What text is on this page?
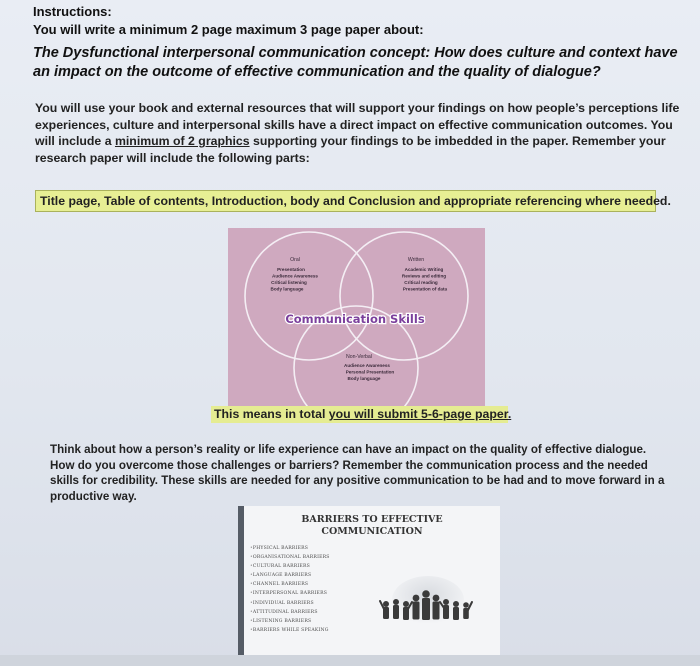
Instructions:
You will write a minimum 2 page maximum 3 page paper about:
The Dysfunctional interpersonal communication concept: How does culture and context have an impact on the outcome of effective communication and the quality of dialogue?
You will use your book and external resources that will support your findings on how people’s perceptions life experiences, culture and interpersonal skills have a direct impact on effective communication outcomes. You will include a minimum of 2 graphics supporting your findings to be imbedded in the paper. Remember your research paper will include the following parts:
Title page, Table of contents, Introduction, body and Conclusion and appropriate referencing where needed.
Oral
Presentation
Audience Awareness
Critical listening
Body language
Written
Academic Writing
Reviews and editing
Critical reading
Presentation of data
Communication Skills
Non-Verbal
Audience Awareness
Personal Presentation
Body language
This means in total you will submit 5-6-page paper.
Think about how a person’s reality or life experience can have an impact on the quality of effective dialogue. How do you overcome those challenges or barriers? Remember the communication process and the needed skills for credibility. These skills are needed for any positive communication to be had and to move forward in a productive way.
BARRIERS TO EFFECTIVE
COMMUNICATION
• PHYSICAL BARRIERS
• ORGANISATIONAL BARRIERS
• CULTURAL BARRIERS
• LANGUAGE BARRIERS
• CHANNEL BARRIERS
• INTERPERSONAL BARRIERS
• INDIVIDUAL BARRIERS
• ATTITUDINAL BARRIERS
• LISTENING BARRIERS
• BARRIERS WHILE SPEAKING
